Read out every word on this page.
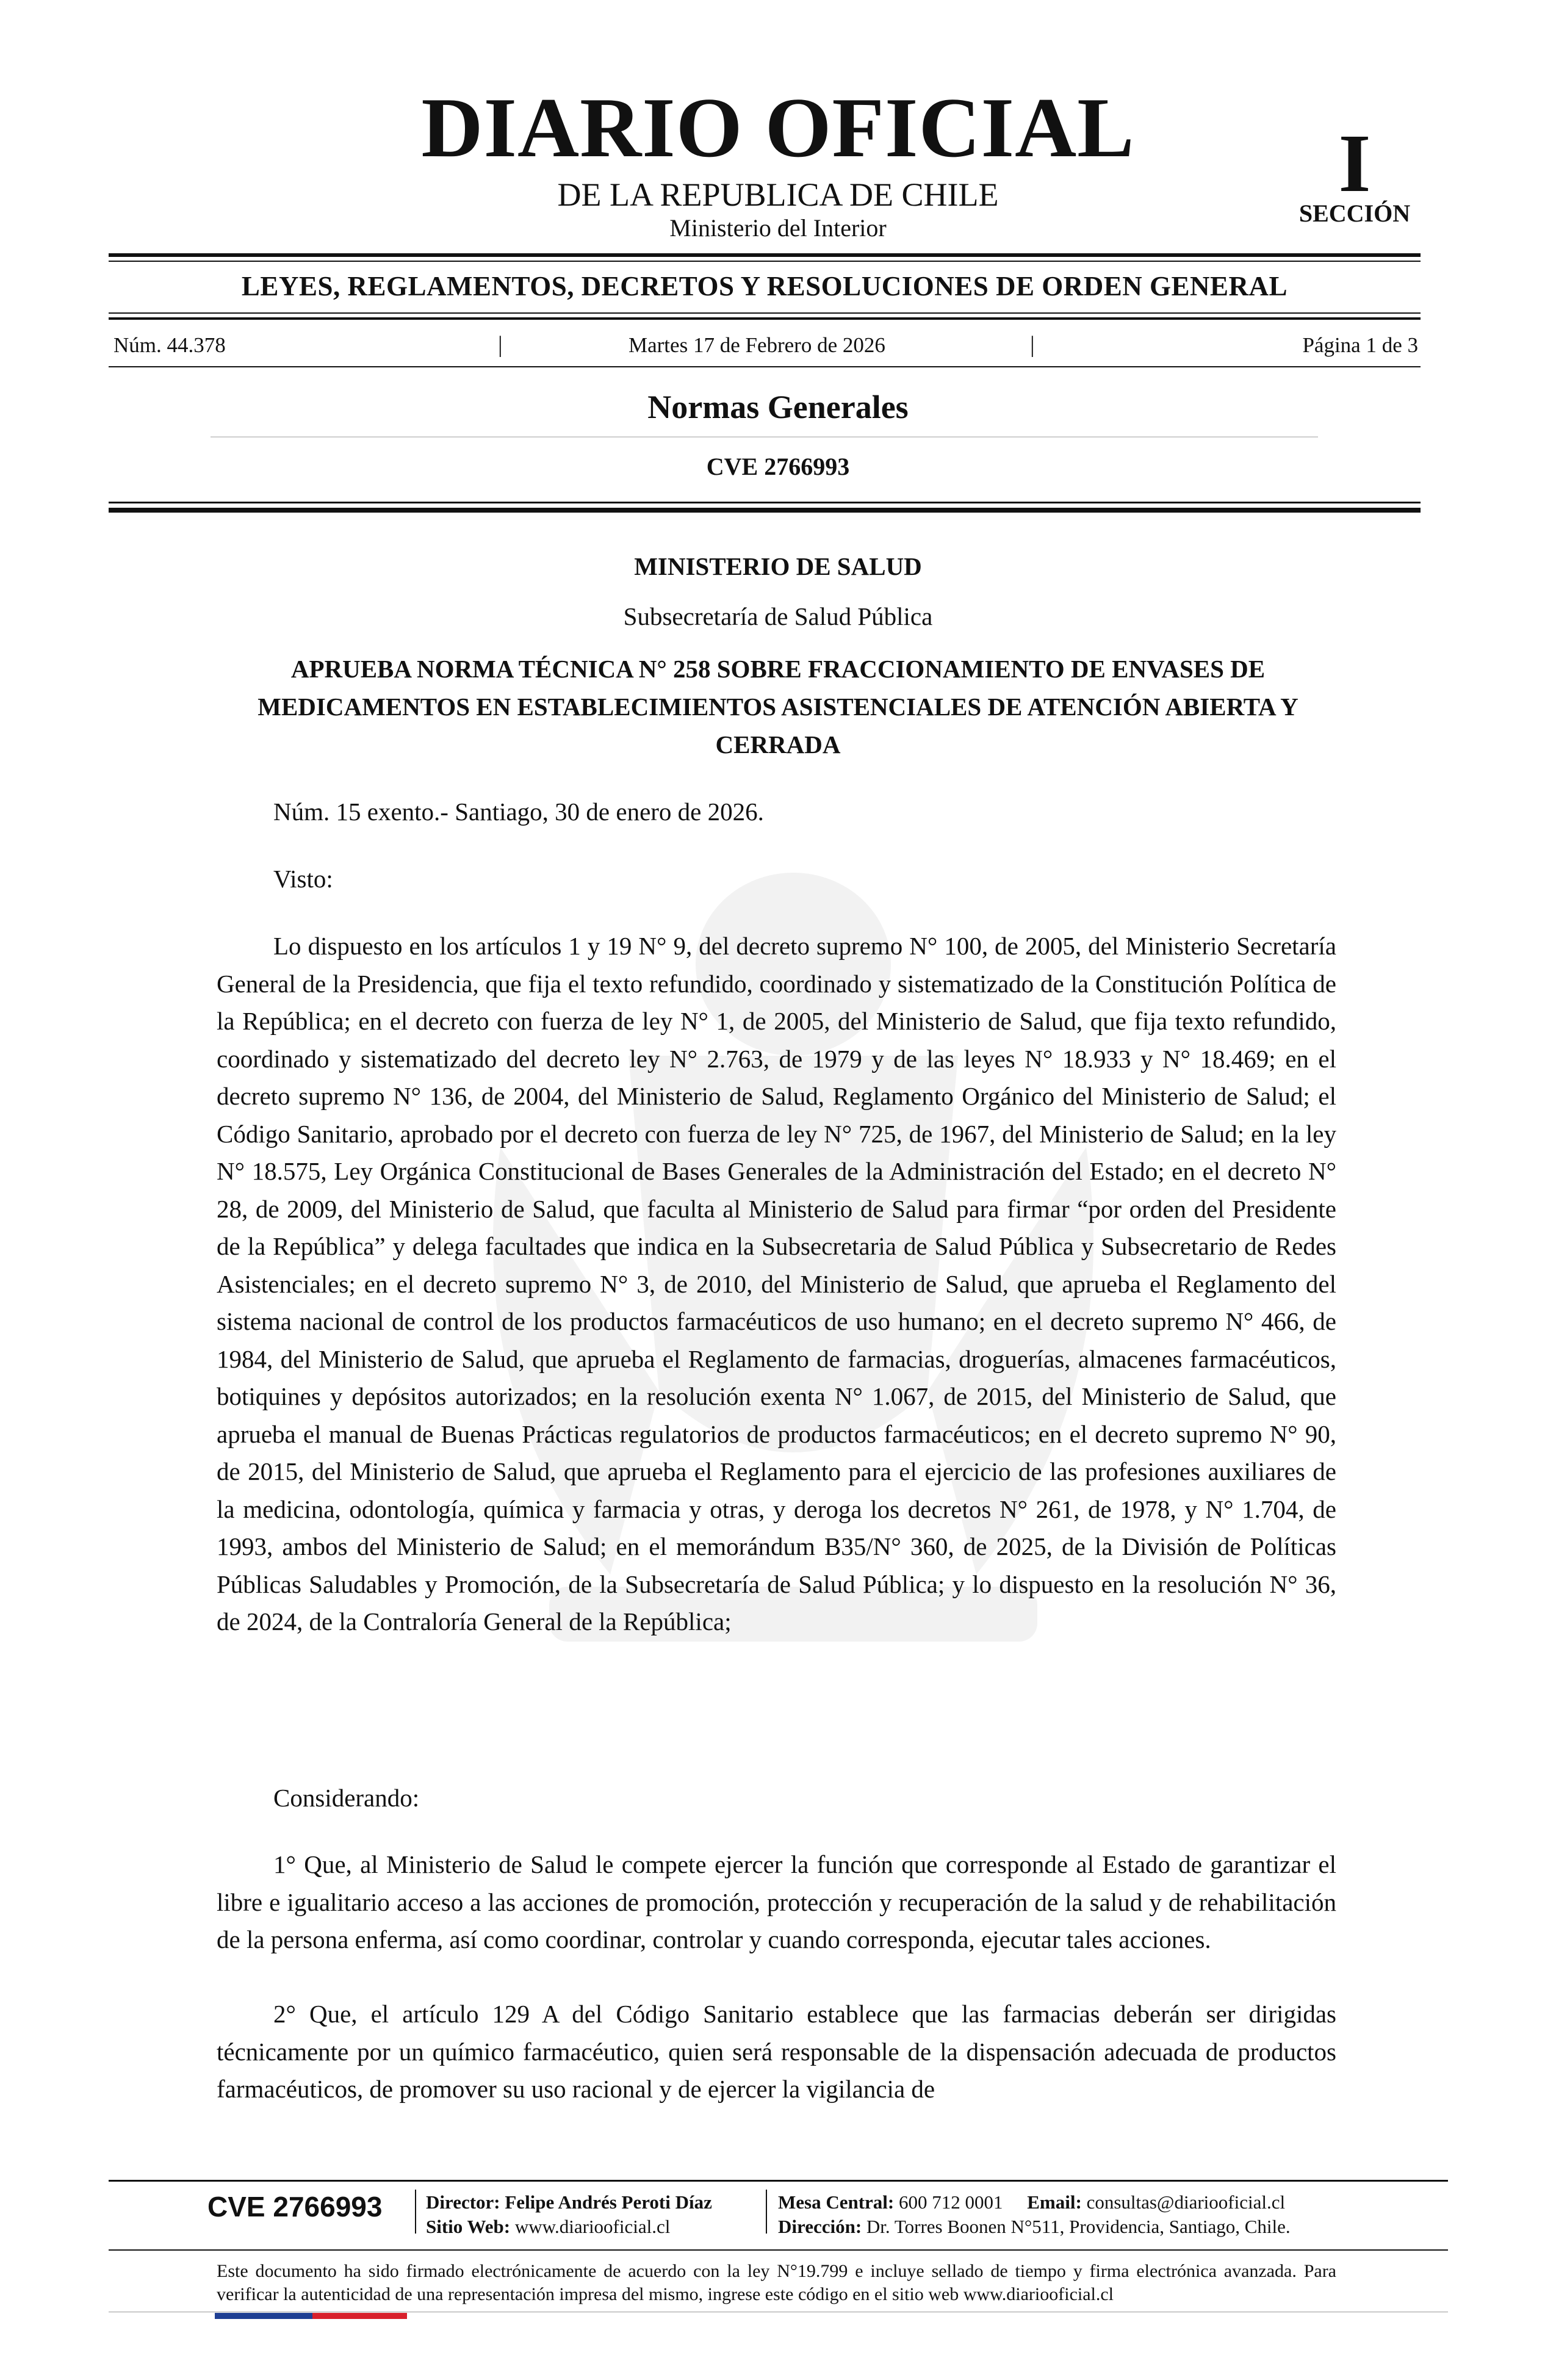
DIARIO OFICIAL
DE LA REPUBLICA DE CHILE
Ministerio del Interior
I
SECCIÓN
LEYES, REGLAMENTOS, DECRETOS Y RESOLUCIONES DE ORDEN GENERAL
Núm. 44.378	|	Martes 17 de Febrero de 2026	|	Página 1 de 3
Normas Generales
CVE 2766993
MINISTERIO DE SALUD
Subsecretaría de Salud Pública
APRUEBA NORMA TÉCNICA N° 258 SOBRE FRACCIONAMIENTO DE ENVASES DE MEDICAMENTOS EN ESTABLECIMIENTOS ASISTENCIALES DE ATENCIÓN ABIERTA Y CERRADA
Núm. 15 exento.- Santiago, 30 de enero de 2026.
Visto:
Lo dispuesto en los artículos 1 y 19 N° 9, del decreto supremo N° 100, de 2005, del Ministerio Secretaría General de la Presidencia, que fija el texto refundido, coordinado y sistematizado de la Constitución Política de la República; en el decreto con fuerza de ley N° 1, de 2005, del Ministerio de Salud, que fija texto refundido, coordinado y sistematizado del decreto ley N° 2.763, de 1979 y de las leyes N° 18.933 y N° 18.469; en el decreto supremo N° 136, de 2004, del Ministerio de Salud, Reglamento Orgánico del Ministerio de Salud; el Código Sanitario, aprobado por el decreto con fuerza de ley N° 725, de 1967, del Ministerio de Salud; en la ley N° 18.575, Ley Orgánica Constitucional de Bases Generales de la Administración del Estado; en el decreto N° 28, de 2009, del Ministerio de Salud, que faculta al Ministerio de Salud para firmar “por orden del Presidente de la República” y delega facultades que indica en la Subsecretaria de Salud Pública y Subsecretario de Redes Asistenciales; en el decreto supremo N° 3, de 2010, del Ministerio de Salud, que aprueba el Reglamento del sistema nacional de control de los productos farmacéuticos de uso humano; en el decreto supremo N° 466, de 1984, del Ministerio de Salud, que aprueba el Reglamento de farmacias, droguerías, almacenes farmacéuticos, botiquines y depósitos autorizados; en la resolución exenta N° 1.067, de 2015, del Ministerio de Salud, que aprueba el manual de Buenas Prácticas regulatorios de productos farmacéuticos; en el decreto supremo N° 90, de 2015, del Ministerio de Salud, que aprueba el Reglamento para el ejercicio de las profesiones auxiliares de la medicina, odontología, química y farmacia y otras, y deroga los decretos N° 261, de 1978, y N° 1.704, de 1993, ambos del Ministerio de Salud; en el memorándum B35/N° 360, de 2025, de la División de Políticas Públicas Saludables y Promoción, de la Subsecretaría de Salud Pública; y lo dispuesto en la resolución N° 36, de 2024, de la Contraloría General de la República;
Considerando:
1° Que, al Ministerio de Salud le compete ejercer la función que corresponde al Estado de garantizar el libre e igualitario acceso a las acciones de promoción, protección y recuperación de la salud y de rehabilitación de la persona enferma, así como coordinar, controlar y cuando corresponda, ejecutar tales acciones.
2° Que, el artículo 129 A del Código Sanitario establece que las farmacias deberán ser dirigidas técnicamente por un químico farmacéutico, quien será responsable de la dispensación adecuada de productos farmacéuticos, de promover su uso racional y de ejercer la vigilancia de
CVE 2766993 Director: Felipe Andrés Peroti Díaz
Sitio Web: www.diariooficial.cl
Mesa Central: 600 712 0001 Email: consultas@diariooficial.cl
Dirección: Dr. Torres Boonen N°511, Providencia, Santiago, Chile.
Este documento ha sido firmado electrónicamente de acuerdo con la ley N°19.799 e incluye sellado de tiempo y firma electrónica avanzada. Para verificar la autenticidad de una representación impresa del mismo, ingrese este código en el sitio web www.diariooficial.cl
